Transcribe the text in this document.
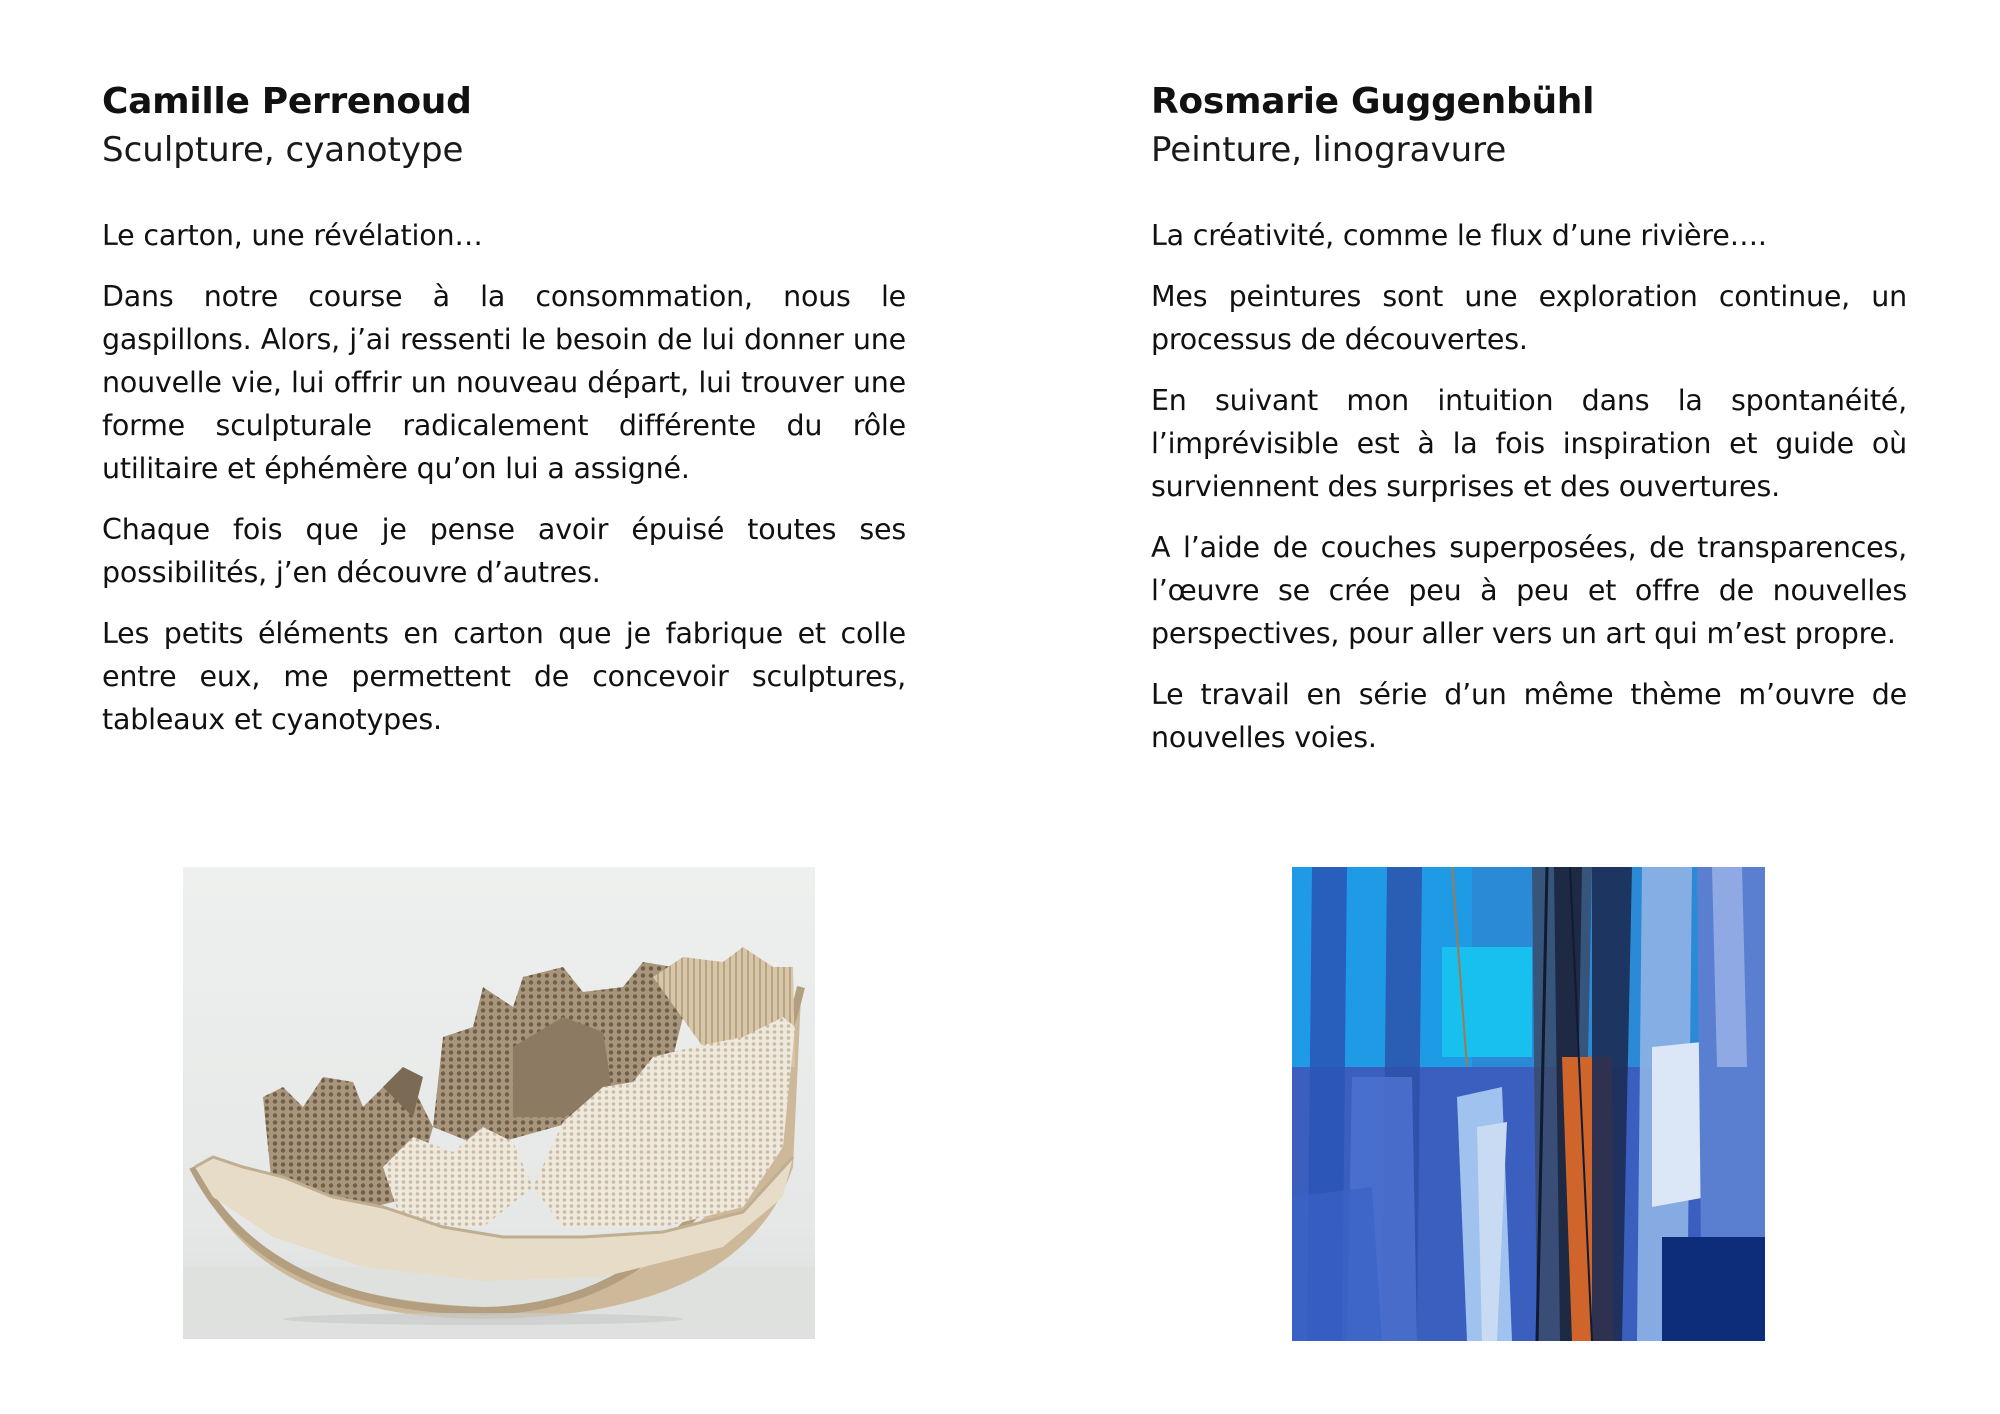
Camille Perrenoud

Sculpture, cyanotype

Le carton, une révélation…

Dans notre course à la consommation, nous le gaspillons. Alors, j’ai ressenti le besoin de lui donner une nouvelle vie, lui offrir un nouveau départ, lui trouver une forme sculpturale radicalement différente du rôle utilitaire et éphémère qu’on lui a assigné.

Chaque fois que je pense avoir épuisé toutes ses possibilités, j’en découvre d’autres.

Les petits éléments en carton que je fabrique et colle entre eux, me permettent de concevoir sculptures, tableaux et cyanotypes.

Rosmarie Guggenbühl

Peinture, linogravure

La créativité, comme le flux d’une rivière….

Mes peintures sont une exploration continue, un processus de découvertes.

En suivant mon intuition dans la spontanéité, l’imprévisible est à la fois inspiration et guide où surviennent des surprises et des ouvertures.

A l’aide de couches superposées, de transparences, l’œuvre se crée peu à peu et offre de nouvelles perspectives, pour aller vers un art qui m’est propre.

Le travail en série d’un même thème m’ouvre de nouvelles voies.
